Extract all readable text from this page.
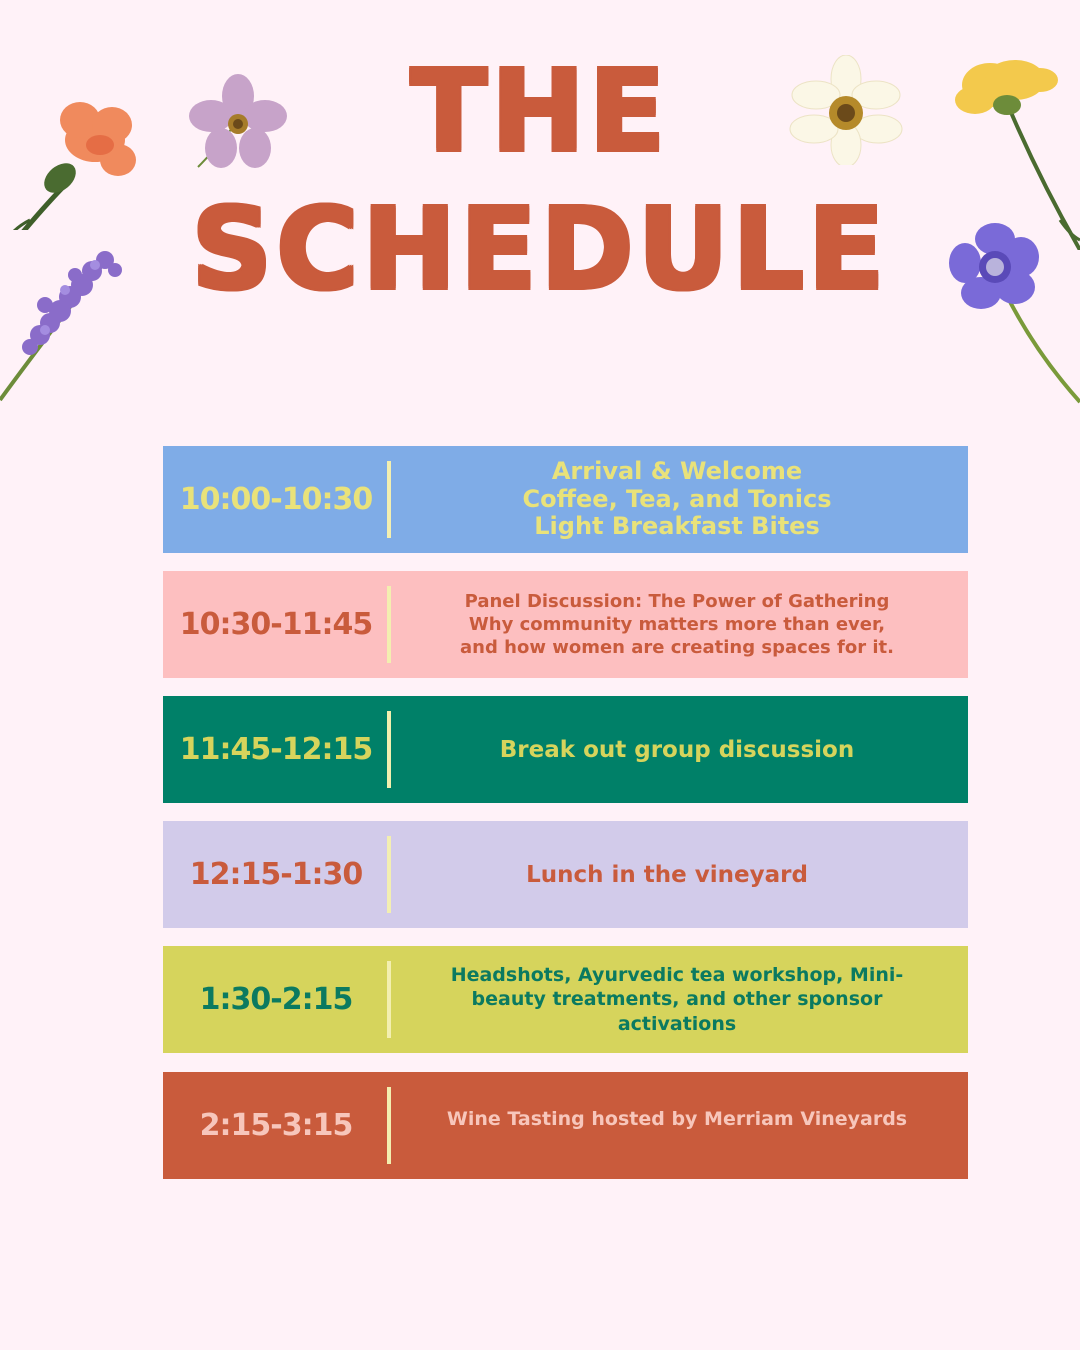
THE
SCHEDULE
10:00-10:30
Arrival & Welcome
Coffee, Tea, and Tonics
Light Breakfast Bites
10:30-11:45
Panel Discussion: The Power of Gathering
Why community matters more than ever,
and how women are creating spaces for it.
11:45-12:15	Break out group discussion
12:15-1:30	Lunch in the vineyard
1:30-2:15
Headshots, Ayurvedic tea workshop, Mini-
beauty treatments, and other sponsor
activations
2:15-3:15	Wine Tasting hosted by Merriam Vineyards
